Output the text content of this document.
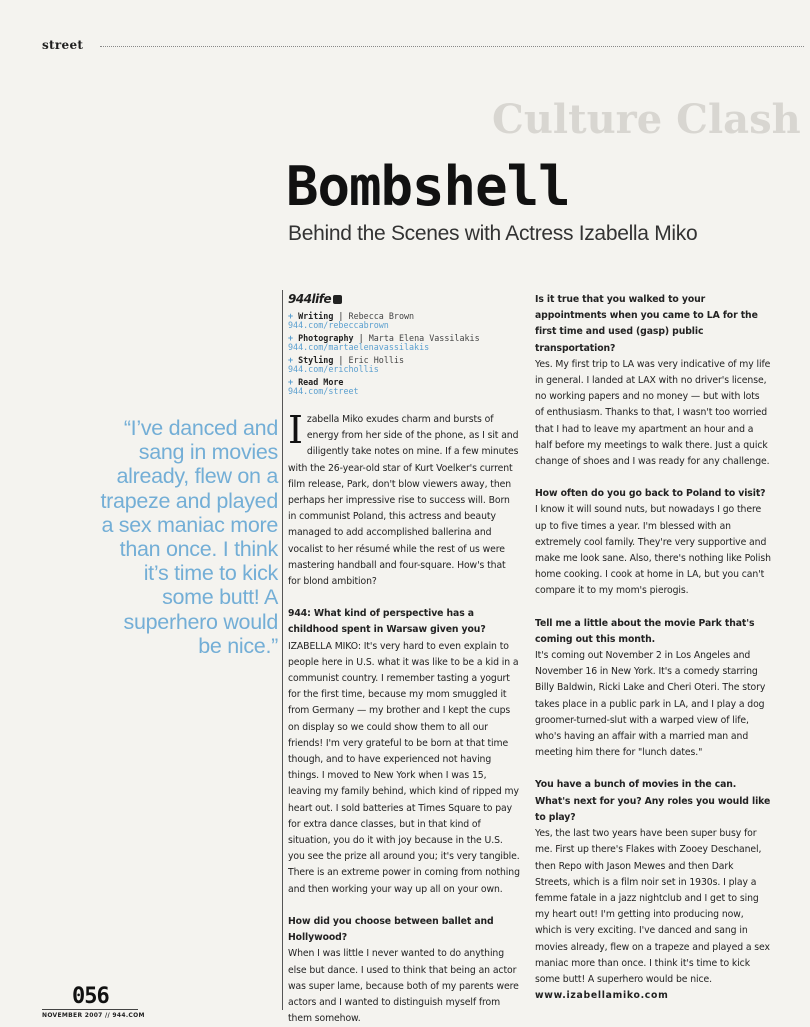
Culture Clash
street
Bombshell
Behind the Scenes with Actress Izabella Miko
944life
+ Writing | Rebecca Brown
944.com/rebeccabrown
+ Photography | Marta Elena Vassilakis
944.com/martaelenavassilakis
+ Styling | Eric Hollis
944.com/erichollis
+ Read More
944.com/street
“I’ve danced and sang in movies already, flew on a trapeze and played a sex maniac more than once. I think it’s time to kick some butt! A superhero would be nice.”

Izabella Miko exudes charm and bursts of energy from her side of the phone, as I sit and diligently take notes on mine. If a few minutes with the 26-year-old star of Kurt Voelker's current film release, Park, don't blow viewers away, then perhaps her impressive rise to success will. Born in communist Poland, this actress and beauty managed to add accomplished ballerina and vocalist to her résumé while the rest of us were mastering handball and four-square. How's that for blond ambition?

944: What kind of perspective has a childhood spent in Warsaw given you?

IZABELLA MIKO: It's very hard to even explain to people here in U.S. what it was like to be a kid in a communist country. I remember tasting a yogurt for the first time, because my mom smuggled it from Germany — my brother and I kept the cups on display so we could show them to all our friends! I'm very grateful to be born at that time though, and to have experienced not having things. I moved to New York when I was 15, leaving my family behind, which kind of ripped my heart out. I sold batteries at Times Square to pay for extra dance classes, but in that kind of situation, you do it with joy because in the U.S. you see the prize all around you; it's very tangible. There is an extreme power in coming from nothing and then working your way up all on your own.

How did you choose between ballet and Hollywood?

When I was little I never wanted to do anything else but dance. I used to think that being an actor was super lame, because both of my parents were actors and I wanted to distinguish myself from them somehow.

Is it true that you walked to your appointments when you came to LA for the first time and used (gasp) public transportation?

Yes. My first trip to LA was very indicative of my life in general. I landed at LAX with no driver's license, no working papers and no money — but with lots of enthusiasm. Thanks to that, I wasn't too worried that I had to leave my apartment an hour and a half before my meetings to walk there. Just a quick change of shoes and I was ready for any challenge.

How often do you go back to Poland to visit?

I know it will sound nuts, but nowadays I go there up to five times a year. I'm blessed with an extremely cool family. They're very supportive and make me look sane. Also, there's nothing like Polish home cooking. I cook at home in LA, but you can't compare it to my mom's pierogis.

Tell me a little about the movie Park that's coming out this month.

It's coming out November 2 in Los Angeles and November 16 in New York. It's a comedy starring Billy Baldwin, Ricki Lake and Cheri Oteri. The story takes place in a public park in LA, and I play a dog groomer-turned-slut with a warped view of life, who's having an affair with a married man and meeting him there for "lunch dates."

You have a bunch of movies in the can. What's next for you? Any roles you would like to play?

Yes, the last two years have been super busy for me. First up there's Flakes with Zooey Deschanel, then Repo with Jason Mewes and then Dark Streets, which is a film noir set in 1930s. I play a femme fatale in a jazz nightclub and I get to sing my heart out! I'm getting into producing now, which is very exciting. I've danced and sang in movies already, flew on a trapeze and played a sex maniac more than once. I think it's time to kick some butt! A superhero would be nice.

www.izabellamiko.com

056
NOVEMBER 2007 // 944.COM
